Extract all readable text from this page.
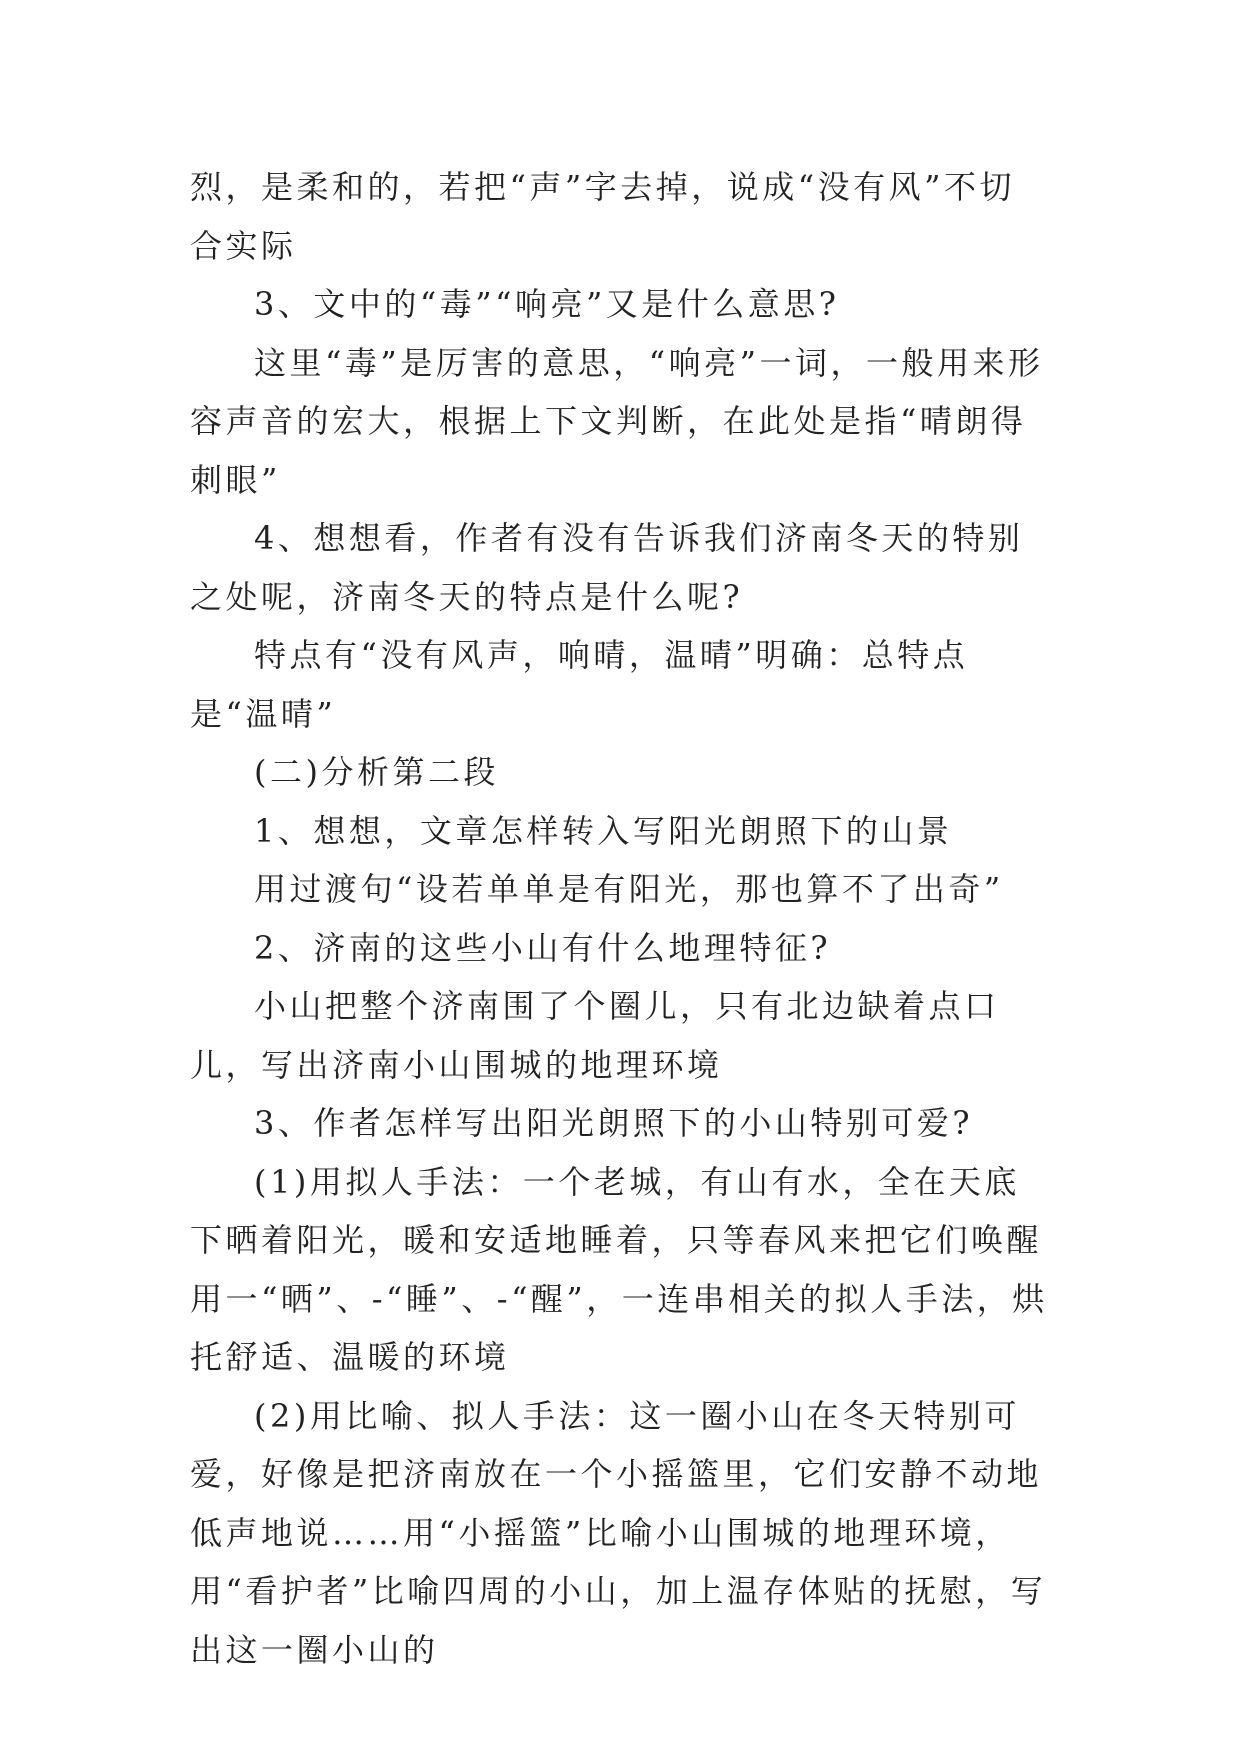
烈，是柔和的，若把“声”字去掉，说成“没有风”不切合实际

3、文中的“毒”“响亮”又是什么意思?

这里“毒”是厉害的意思，“响亮”一词，一般用来形容声音的宏大，根据上下文判断，在此处是指“晴朗得刺眼”

4、想想看，作者有没有告诉我们济南冬天的特别之处呢，济南冬天的特点是什么呢?

特点有“没有风声，响晴，温晴”明确：总特点是“温晴”

(二)分析第二段

1、想想，文章怎样转入写阳光朗照下的山景

用过渡句“设若单单是有阳光，那也算不了出奇”

2、济南的这些小山有什么地理特征?

小山把整个济南围了个圈儿，只有北边缺着点口儿，写出济南小山围城的地理环境

3、作者怎样写出阳光朗照下的小山特别可爱?

(1)用拟人手法：一个老城，有山有水，全在天底下晒着阳光，暖和安适地睡着，只等春风来把它们唤醒用一“晒”、-“睡”、-“醒”，一连串相关的拟人手法，烘托舒适、温暖的环境

(2)用比喻、拟人手法：这一圈小山在冬天特别可爱，好像是把济南放在一个小摇篮里，它们安静不动地低声地说……用“小摇篮”比喻小山围城的地理环境，用“看护者”比喻四周的小山，加上温存体贴的抚慰，写出这一圈小山的
